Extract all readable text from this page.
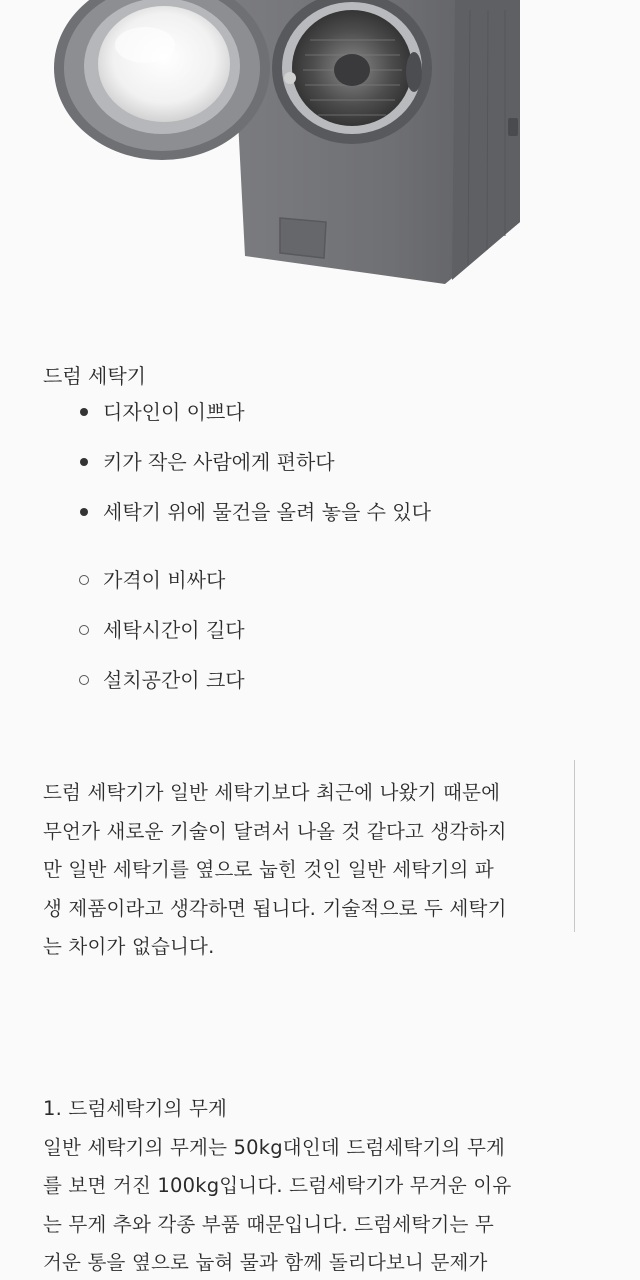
드럼 세탁기
디자인이 이쁘다
키가 작은 사람에게 편하다
세탁기 위에 물건을 올려 놓을 수 있다
가격이 비싸다
세탁시간이 길다
설치공간이 크다

드럼 세탁기가 일반 세탁기보다 최근에 나왔기 때문에
무언가 새로운 기술이 달려서 나올 것 같다고 생각하지
만 일반 세탁기를 옆으로 눕힌 것인 일반 세탁기의 파
생 제품이라고 생각하면 됩니다. 기술적으로 두 세탁기
는 차이가 없습니다.

1. 드럼세탁기의 무게
일반 세탁기의 무게는 50kg대인데 드럼세탁기의 무게
를 보면 거진 100kg입니다. 드럼세탁기가 무거운 이유
는 무게 추와 각종 부품 때문입니다. 드럼세탁기는 무
거운 통을 옆으로 눕혀 물과 함께 돌리다보니 문제가
